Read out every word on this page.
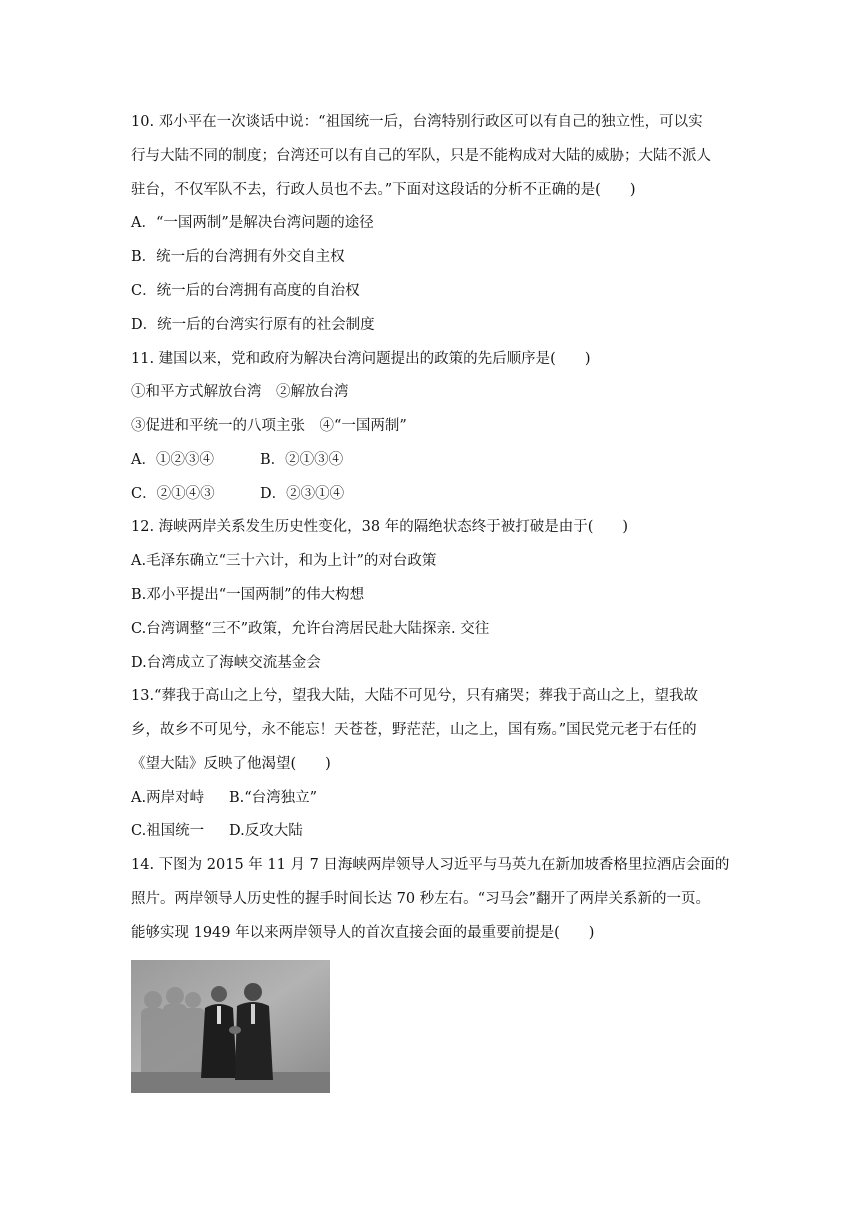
10. 邓小平在一次谈话中说：“祖国统一后，台湾特别行政区可以有自己的独立性，可以实
行与大陆不同的制度；台湾还可以有自己的军队，只是不能构成对大陆的威胁；大陆不派人
驻台，不仅军队不去，行政人员也不去。”下面对这段话的分析不正确的是(　　)
A．“一国两制”是解决台湾问题的途径
B．统一后的台湾拥有外交自主权
C．统一后的台湾拥有高度的自治权
D．统一后的台湾实行原有的社会制度
11. 建国以来，党和政府为解决台湾问题提出的政策的先后顺序是(　　)
①和平方式解放台湾　②解放台湾
③促进和平统一的八项主张　④“一国两制”
A．①②③④	B．②①③④
C．②①④③	D．②③①④
12. 海峡两岸关系发生历史性变化，38 年的隔绝状态终于被打破是由于(　　)
A.毛泽东确立“三十六计，和为上计”的对台政策
B.邓小平提出“一国两制”的伟大构想
C.台湾调整“三不”政策，允许台湾居民赴大陆探亲. 交往
D.台湾成立了海峡交流基金会
13.“葬我于高山之上兮，望我大陆，大陆不可见兮，只有痛哭；葬我于高山之上，望我故
乡，故乡不可见兮，永不能忘！天苍苍，野茫茫，山之上，国有殇。”国民党元老于右任的
《望大陆》反映了他渴望(　　)
A.两岸对峙 B.“台湾独立”
C.祖国统一 D.反攻大陆
14. 下图为 2015 年 11 月 7 日海峡两岸领导人习近平与马英九在新加坡香格里拉酒店会面的
照片。两岸领导人历史性的握手时间长达 70 秒左右。“习马会”翻开了两岸关系新的一页。
能够实现 1949 年以来两岸领导人的首次直接会面的最重要前提是(　　)
